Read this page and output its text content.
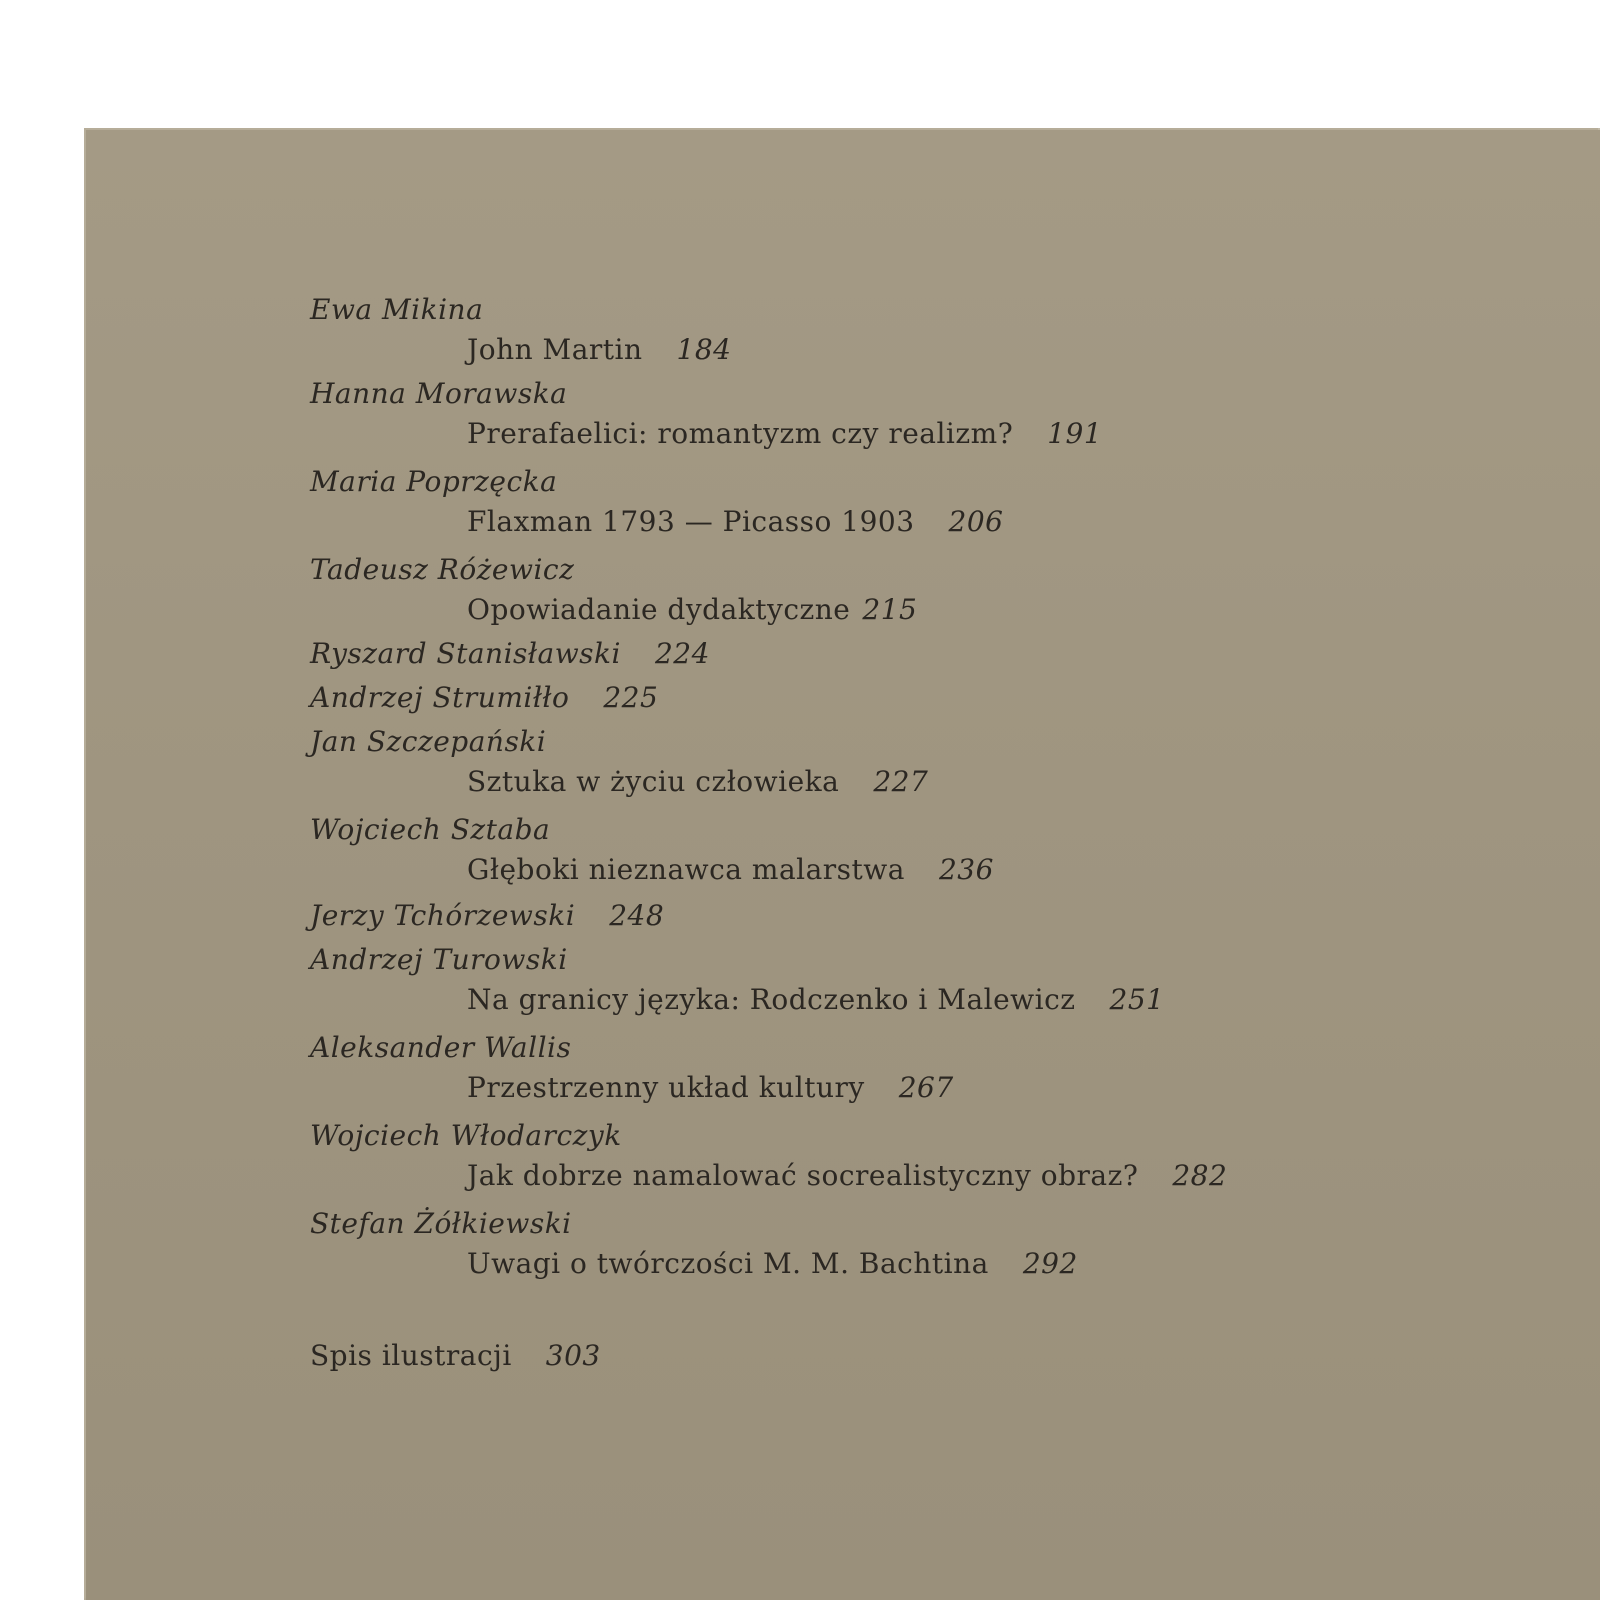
Ewa Mikina
John Martin 184
Hanna Morawska
Prerafaelici: romantyzm czy realizm? 191
Maria Poprzęcka
Flaxman 1793 — Picasso 1903 206
Tadeusz Różewicz
Opowiadanie dydaktyczne 215
Ryszard Stanisławski 224
Andrzej Strumiłło 225
Jan Szczepański
Sztuka w życiu człowieka 227
Wojciech Sztaba
Głęboki nieznawca malarstwa 236
Jerzy Tchórzewski 248
Andrzej Turowski
Na granicy języka: Rodczenko i Malewicz 251
Aleksander Wallis
Przestrzenny układ kultury 267
Wojciech Włodarczyk
Jak dobrze namalować socrealistyczny obraz? 282
Stefan Żółkiewski
Uwagi o twórczości M. M. Bachtina 292
Spis ilustracji 303
